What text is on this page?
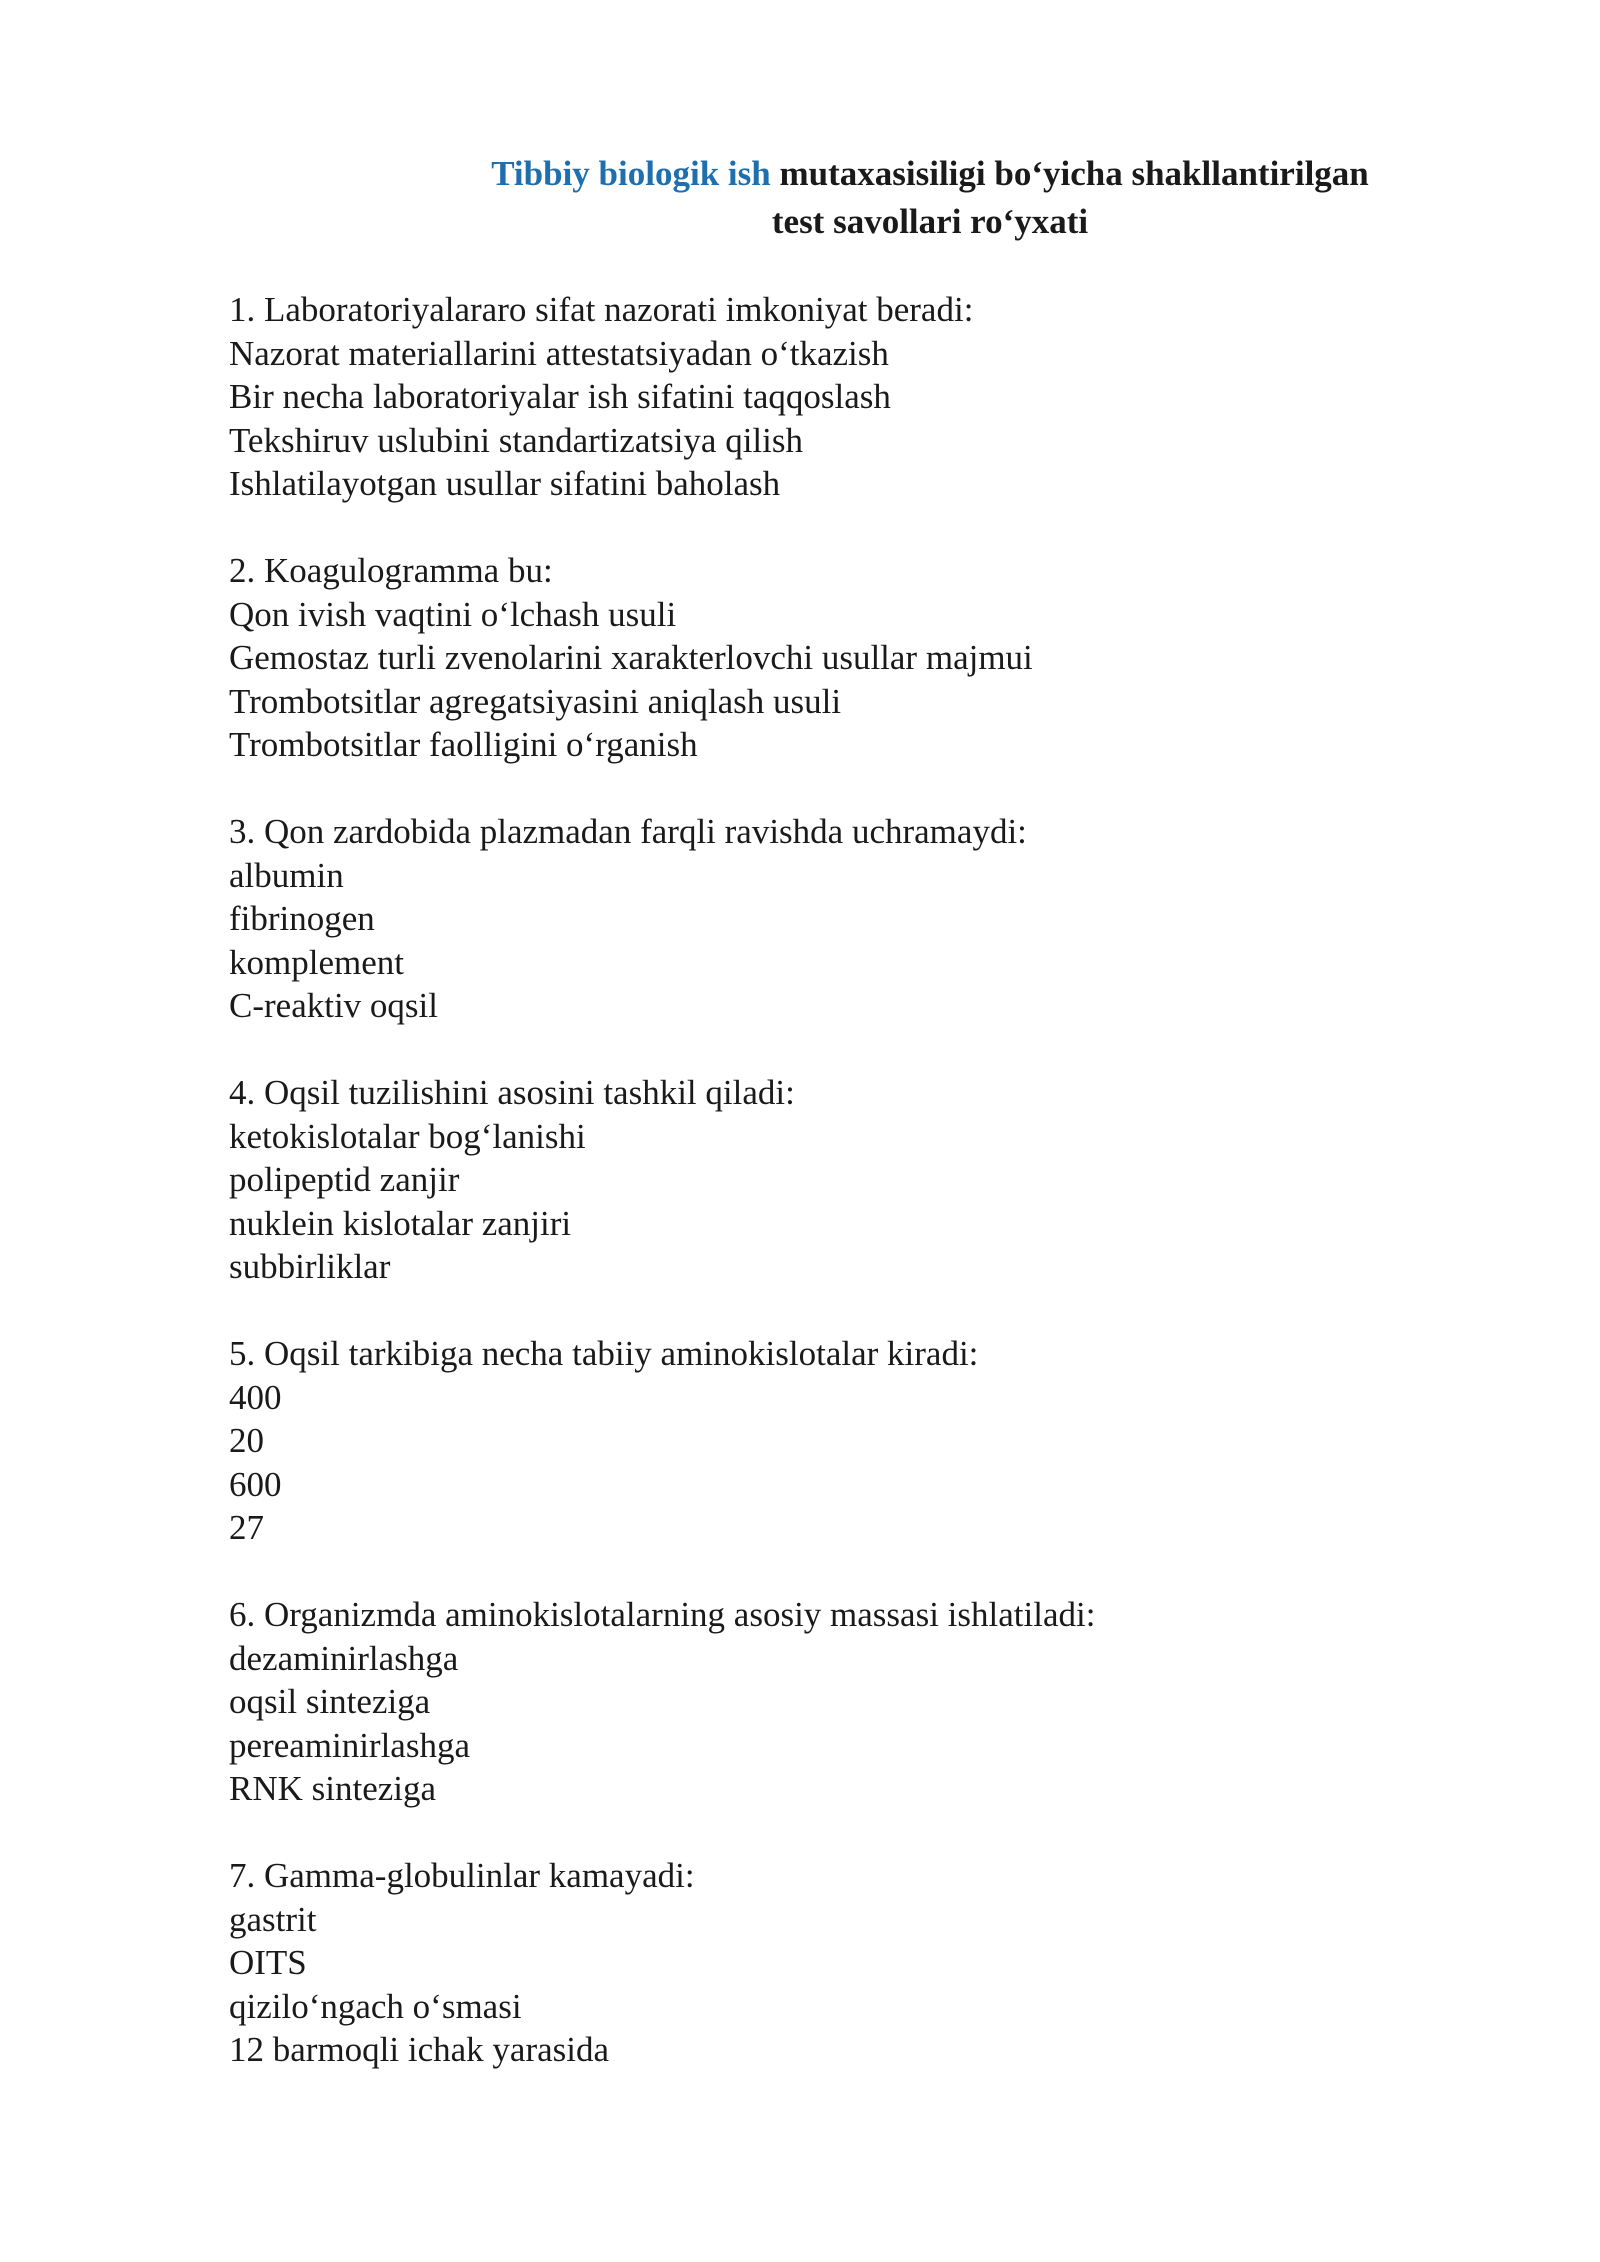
Tibbiy biologik ish mutaxasisiligi bo‘yicha shakllantirilgan
test savollari ro‘yxati
1. Laboratoriyalararo sifat nazorati imkoniyat beradi:
Nazorat materiallarini attestatsiyadan o‘tkazish
Bir necha laboratoriyalar ish sifatini taqqoslash
Tekshiruv uslubini standartizatsiya qilish
Ishlatilayotgan usullar sifatini baholash
2. Koagulogramma bu:
Qon ivish vaqtini o‘lchash usuli
Gemostaz turli zvenolarini xarakterlovchi usullar majmui
Trombotsitlar agregatsiyasini aniqlash usuli
Trombotsitlar faolligini o‘rganish
3. Qon zardobida plazmadan farqli ravishda uchramaydi:
albumin
fibrinogen
komplement
C-reaktiv oqsil
4. Oqsil tuzilishini asosini tashkil qiladi:
ketokislotalar bog‘lanishi
polipeptid zanjir
nuklein kislotalar zanjiri
subbirliklar
5. Oqsil tarkibiga necha tabiiy aminokislotalar kiradi:
400
20
600
27
6. Organizmda aminokislotalarning asosiy massasi ishlatiladi:
dezaminirlashga
oqsil sinteziga
pereaminirlashga
RNK sinteziga
7. Gamma-globulinlar kamayadi:
gastrit
OITS
qizilo‘ngach o‘smasi
12 barmoqli ichak yarasida
